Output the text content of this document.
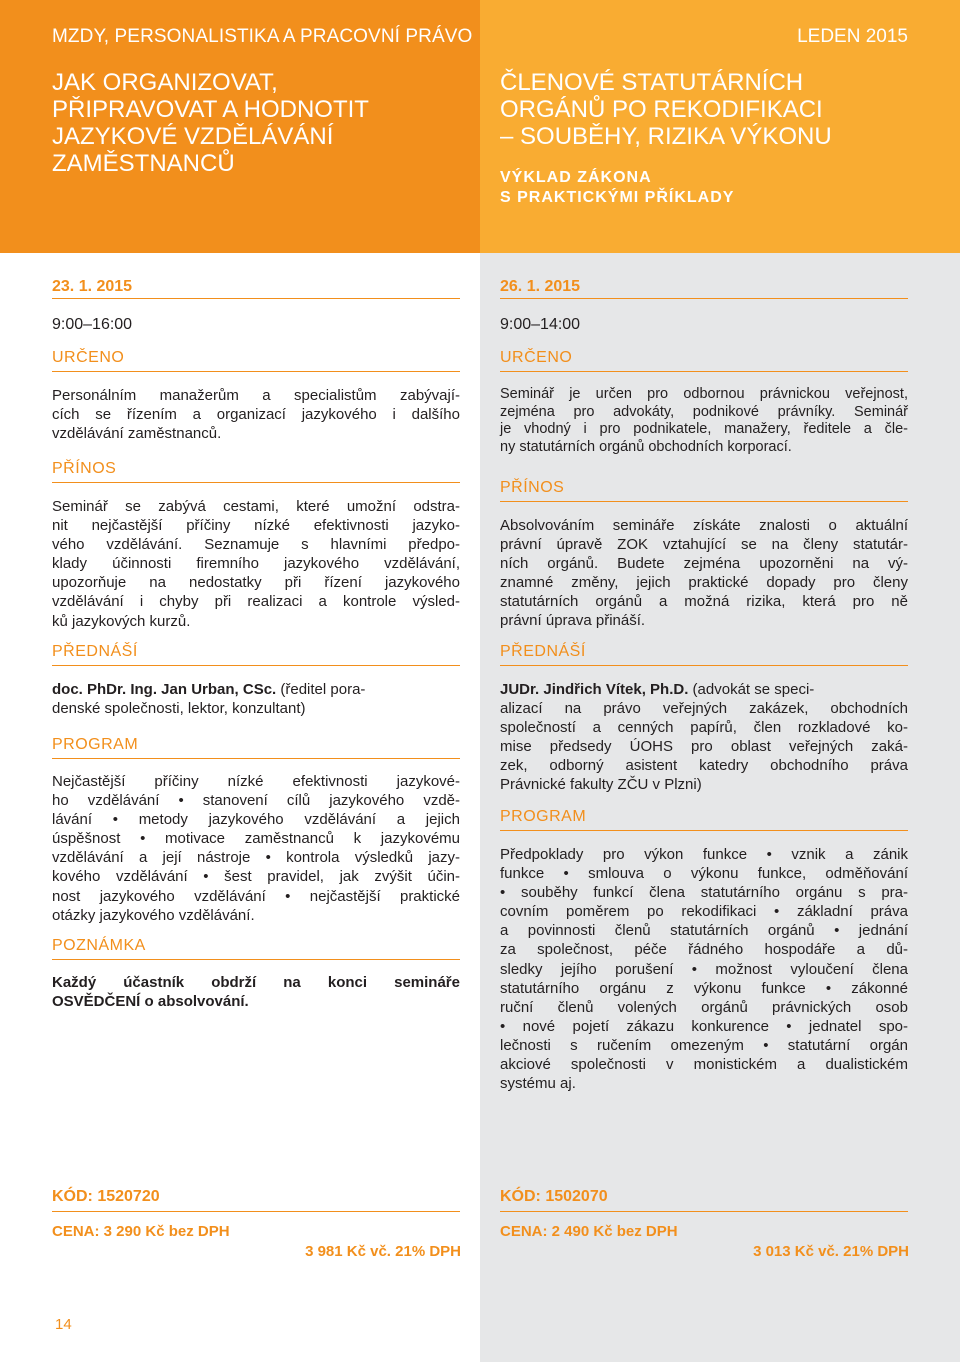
MZDY, PERSONALISTIKA A PRACOVNÍ PRÁVO	LEDEN 2015
JAK ORGANIZOVAT,
PŘIPRAVOVAT A HODNOTIT
JAZYKOVÉ VZDĚLÁVÁNÍ
ZAMĚSTNANCŮ
ČLENOVÉ STATUTÁRNÍCH
ORGÁNŮ PO REKODIFIKACI
– SOUBĚHY, RIZIKA VÝKONU
VÝKLAD ZÁKONA
S PRAKTICKÝMI PŘÍKLADY
23. 1. 2015
9:00–16:00
URČENO
Personálním manažerům a specialistům zabývají-
cích se řízením a organizací jazykového i dalšího
vzdělávání zaměstnanců.
PŘÍNOS
Seminář se zabývá cestami, které umožní odstra-
nit nejčastější příčiny nízké efektivnosti jazyko-
vého vzdělávání. Seznamuje s hlavními předpo-
klady účinnosti firemního jazykového vzdělávání,
upozorňuje na nedostatky při řízení jazykového
vzdělávání i chyby při realizaci a kontrole výsled-
ků jazykových kurzů.
PŘEDNÁŠÍ
doc. PhDr. Ing. Jan Urban, CSc. (ředitel pora-
denské společnosti, lektor, konzultant)
PROGRAM
Nejčastější příčiny nízké efektivnosti jazykové-
ho vzdělávání • stanovení cílů jazykového vzdě-
lávání • metody jazykového vzdělávání a jejich
úspěšnost • motivace zaměstnanců k jazykovému
vzdělávání a její nástroje • kontrola výsledků jazy-
kového vzdělávání • šest pravidel, jak zvýšit účin-
nost jazykového vzdělávání • nejčastější praktické
otázky jazykového vzdělávání.
POZNÁMKA
Každý účastník obdrží na konci semináře
OSVĚDČENÍ o absolvování.
KÓD: 1520720
CENA: 3 290 Kč bez DPH
3 981 Kč vč. 21% DPH
26. 1. 2015
9:00–14:00
URČENO
Seminář je určen pro odbornou právnickou veřejnost,
zejména pro advokáty, podnikové právníky. Seminář
je vhodný i pro podnikatele, manažery, ředitele a čle-
ny statutárních orgánů obchodních korporací.
PŘÍNOS
Absolvováním semináře získáte znalosti o aktuální
právní úpravě ZOK vztahující se na členy statutár-
ních orgánů. Budete zejména upozorněni na vý-
znamné změny, jejich praktické dopady pro členy
statutárních orgánů a možná rizika, která pro ně
právní úprava přináší.
PŘEDNÁŠÍ
JUDr. Jindřich Vítek, Ph.D. (advokát se speci-
alizací na právo veřejných zakázek, obchodních
společností a cenných papírů, člen rozkladové ko-
mise předsedy ÚOHS pro oblast veřejných zaká-
zek, odborný asistent katedry obchodního práva
Právnické fakulty ZČU v Plzni)
PROGRAM
Předpoklady pro výkon funkce • vznik a zánik
funkce • smlouva o výkonu funkce, odměňování
• souběhy funkcí člena statutárního orgánu s pra-
covním poměrem po rekodifikaci • základní práva
a povinnosti členů statutárních orgánů • jednání
za společnost, péče řádného hospodáře a dů-
sledky jejího porušení • možnost vyloučení člena
statutárního orgánu z výkonu funkce • zákonné
ruční členů volených orgánů právnických osob
• nové pojetí zákazu konkurence • jednatel spo-
lečnosti s ručením omezeným • statutární orgán
akciové společnosti v monistickém a dualistickém
systému aj.
KÓD: 1502070
CENA: 2 490 Kč bez DPH
3 013 Kč vč. 21% DPH
14
